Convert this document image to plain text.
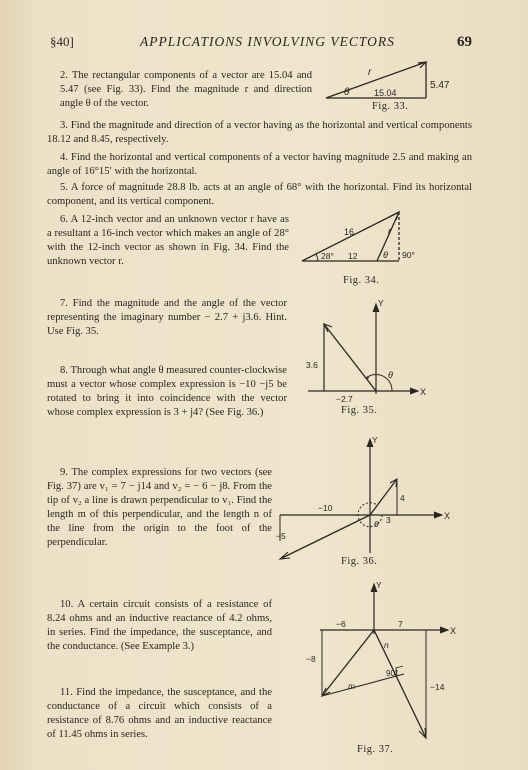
§40]	APPLICATIONS INVOLVING VECTORS	69
2. The rectangular components of a vector are 15.04 and 5.47 (see Fig. 33). Find the magnitude r and direction angle θ of the vector.
r
θ	15.04
5.47
Fig. 33.
3. Find the magnitude and direction of a vector having as the horizontal and vertical components 18.12 and 8.45, respectively.
4. Find the horizontal and vertical components of a vector having magnitude 2.5 and making an angle of 16°15′ with the horizontal.
5. A force of magnitude 28.8 lb. acts at an angle of 68° with the horizontal. Find its horizontal component, and its vertical component.
6. A 12-inch vector and an unknown vector r have as a resultant a 16-inch vector which makes an angle of 28° with the 12-inch vector as shown in Fig. 34. Find the unknown vector r.
16	r
28° 12	θ 90°
Fig. 34.
7. Find the magnitude and the angle of the vector representing the imaginary number − 2.7 + j3.6. Hint. Use Fig. 35.
Y
X
3.6
−2.7
θ
Fig. 35.
8. Through what angle θ measured counter-clockwise must a vector whose complex expression is −10 −j5 be rotated to bring it into coincidence with the vector whose complex expression is 3 + j4? (See Fig. 36.)
9. The complex expressions for two vectors (see Fig. 37) are v₁ = 7 − j14 and v₂ = − 6 − j8. From the tip of v₂ a line is drawn perpendicular to v₁. Find the length m of this perpendicular, and the length n of the line from the origin to the foot of the perpendicular.
Y
X
−10
−5
4
3
θ
Fig. 36.
10. A certain circuit consists of a resistance of 8.24 ohms and an inductive reactance of 4.2 ohms, in series. Find the impedance, the susceptance, and the conductance. (See Example 3.)
11. Find the impedance, the susceptance, and the conductance of a circuit which consists of a resistance of 8.76 ohms and an inductive reactance of 11.45 ohms in series.
Y
X
−6	7
−8
−14
n
m
90°
Fig. 37.
